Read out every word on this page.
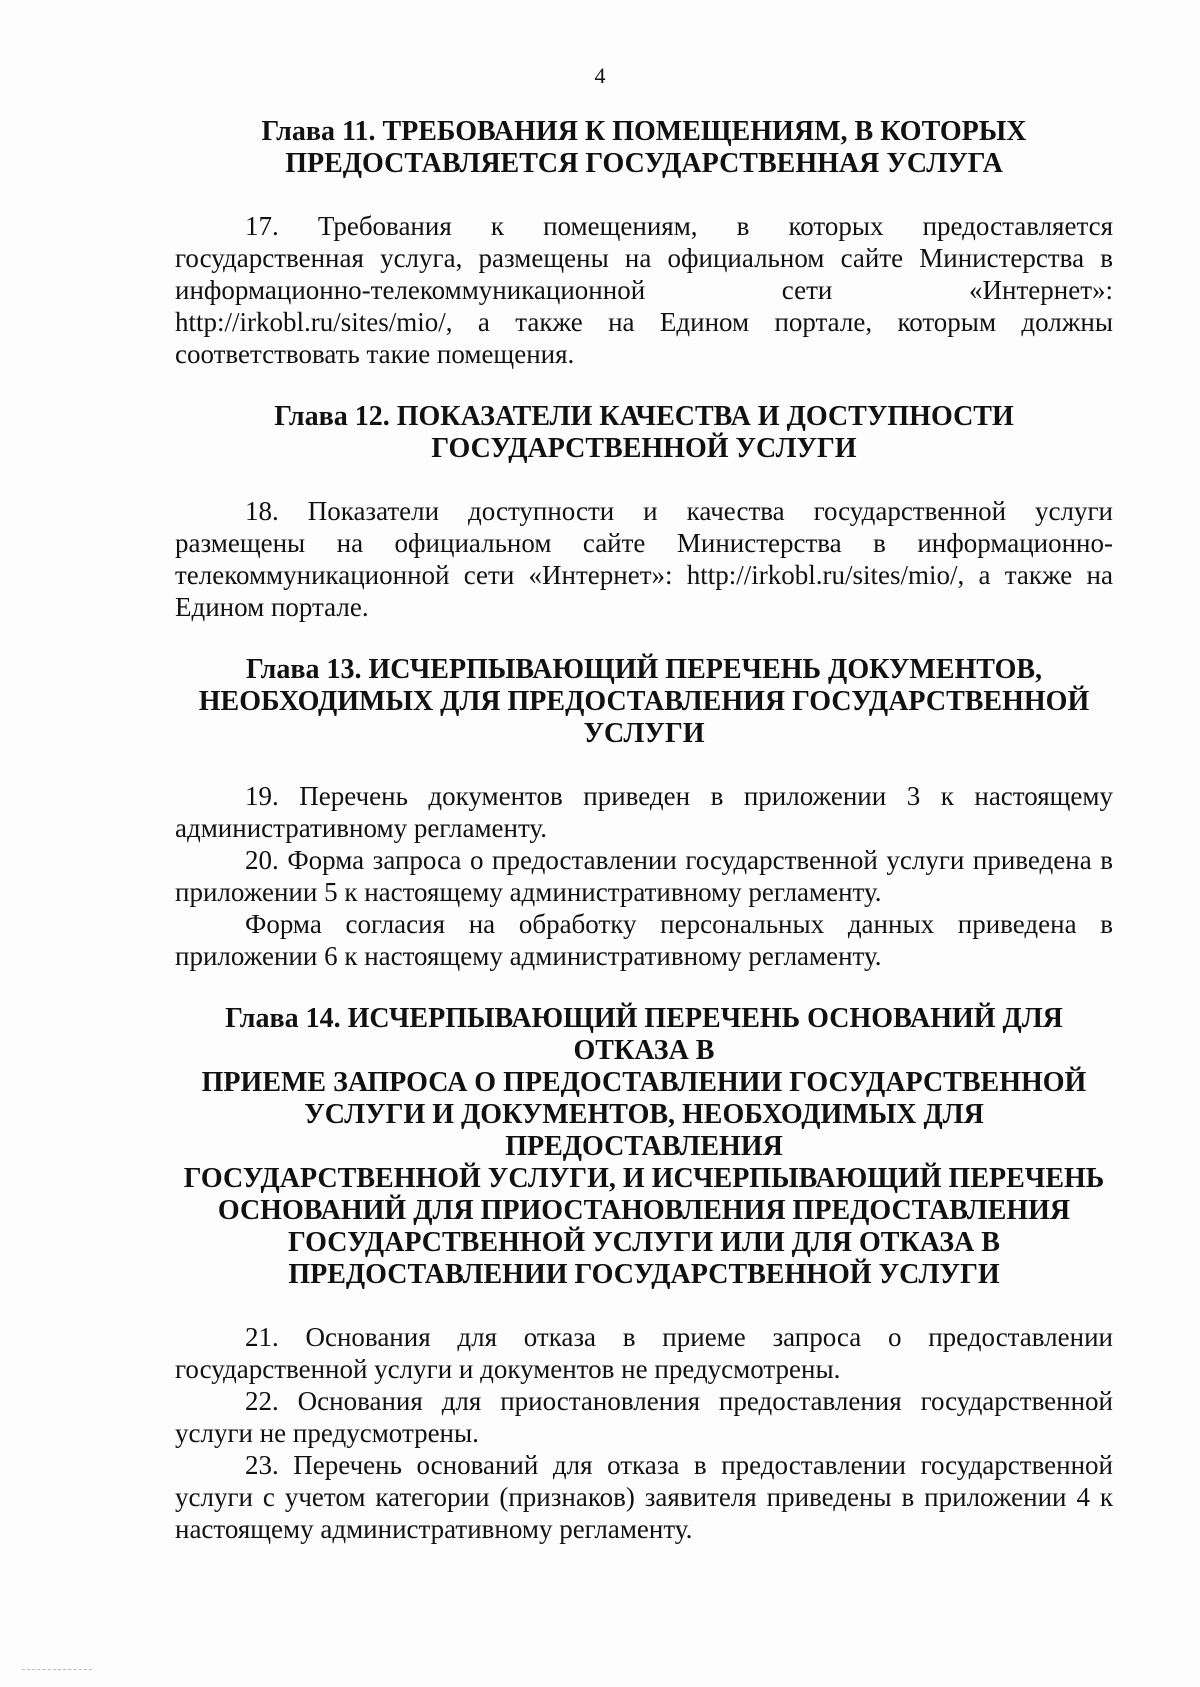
4
Глава 11. ТРЕБОВАНИЯ К ПОМЕЩЕНИЯМ, В КОТОРЫХ
ПРЕДОСТАВЛЯЕТСЯ ГОСУДАРСТВЕННАЯ УСЛУГА

17. Требования к помещениям, в которых предоставляется государственная услуга, размещены на официальном сайте Министерства в информационно-телекоммуникационной сети «Интернет»: http://irkobl.ru/sites/mio/, а также на Едином портале, которым должны соответствовать такие помещения.

Глава 12. ПОКАЗАТЕЛИ КАЧЕСТВА И ДОСТУПНОСТИ
ГОСУДАРСТВЕННОЙ УСЛУГИ

18. Показатели доступности и качества государственной услуги размещены на официальном сайте Министерства в информационно-телекоммуникационной сети «Интернет»: http://irkobl.ru/sites/mio/, а также на Едином портале.

Глава 13. ИСЧЕРПЫВАЮЩИЙ ПЕРЕЧЕНЬ ДОКУМЕНТОВ,
НЕОБХОДИМЫХ ДЛЯ ПРЕДОСТАВЛЕНИЯ ГОСУДАРСТВЕННОЙ
УСЛУГИ

19. Перечень документов приведен в приложении 3 к настоящему административному регламенту.

20. Форма запроса о предоставлении государственной услуги приведена в приложении 5 к настоящему административному регламенту.

Форма согласия на обработку персональных данных приведена в приложении 6 к настоящему административному регламенту.

Глава 14. ИСЧЕРПЫВАЮЩИЙ ПЕРЕЧЕНЬ ОСНОВАНИЙ ДЛЯ ОТКАЗА В
ПРИЕМЕ ЗАПРОСА О ПРЕДОСТАВЛЕНИИ ГОСУДАРСТВЕННОЙ
УСЛУГИ И ДОКУМЕНТОВ, НЕОБХОДИМЫХ ДЛЯ ПРЕДОСТАВЛЕНИЯ
ГОСУДАРСТВЕННОЙ УСЛУГИ, И ИСЧЕРПЫВАЮЩИЙ ПЕРЕЧЕНЬ
ОСНОВАНИЙ ДЛЯ ПРИОСТАНОВЛЕНИЯ ПРЕДОСТАВЛЕНИЯ
ГОСУДАРСТВЕННОЙ УСЛУГИ ИЛИ ДЛЯ ОТКАЗА В
ПРЕДОСТАВЛЕНИИ ГОСУДАРСТВЕННОЙ УСЛУГИ

21. Основания для отказа в приеме запроса о предоставлении государственной услуги и документов не предусмотрены.

22. Основания для приостановления предоставления государственной услуги не предусмотрены.

23. Перечень оснований для отказа в предоставлении государственной услуги с учетом категории (признаков) заявителя приведены в приложении 4 к настоящему административному регламенту.
